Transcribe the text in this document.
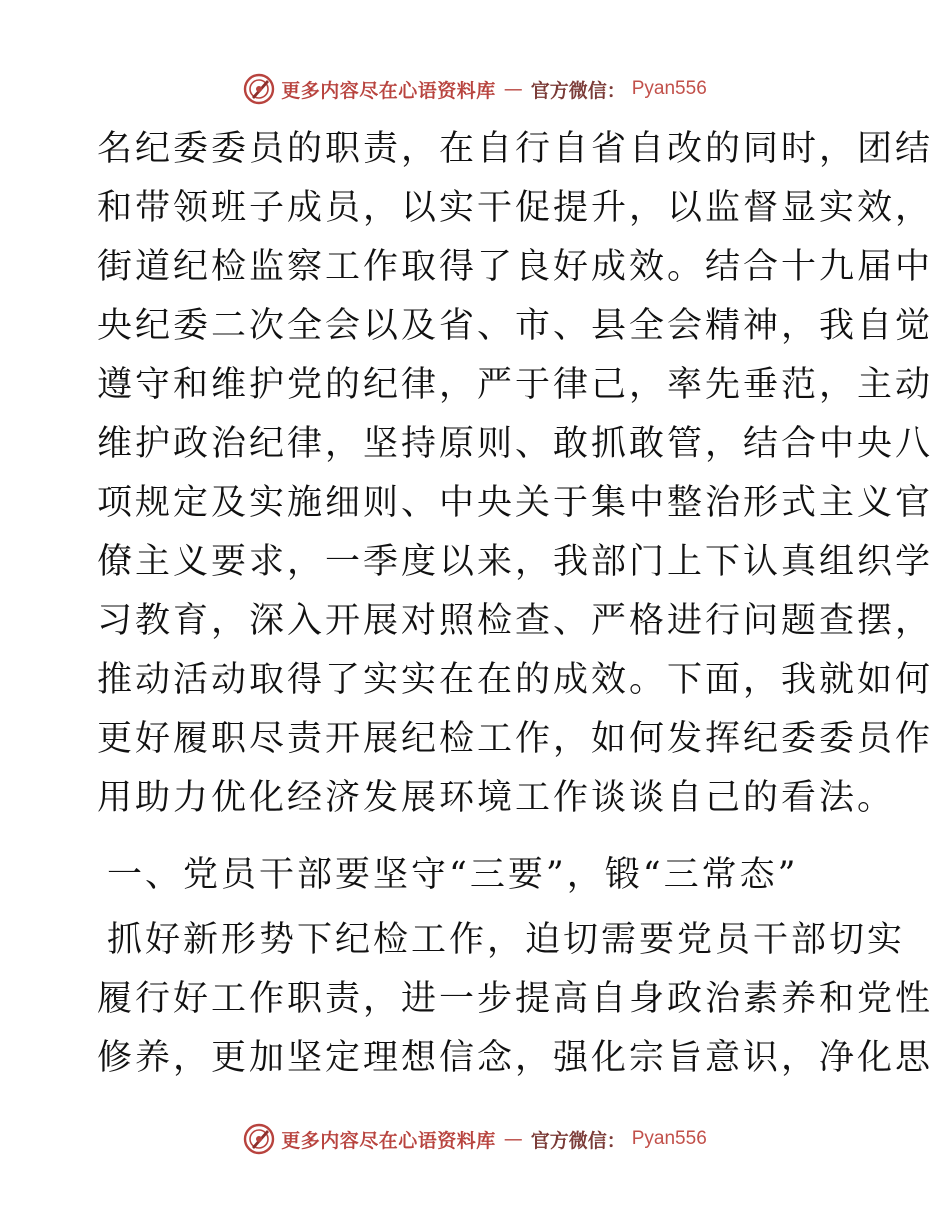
更多内容尽在心语资料库 — 官方微信： Pyan556
名纪委委员的职责，在自行自省自改的同时，团结
和带领班子成员，以实干促提升，以监督显实效，
街道纪检监察工作取得了良好成效。结合十九届中
央纪委二次全会以及省、市、县全会精神，我自觉
遵守和维护党的纪律，严于律己，率先垂范，主动
维护政治纪律，坚持原则、敢抓敢管，结合中央八
项规定及实施细则、中央关于集中整治形式主义官
僚主义要求，一季度以来，我部门上下认真组织学
习教育，深入开展对照检查、严格进行问题查摆，
推动活动取得了实实在在的成效。下面，我就如何
更好履职尽责开展纪检工作，如何发挥纪委委员作
用助力优化经济发展环境工作谈谈自己的看法。
一、党员干部要坚守“三要”，锻“三常态”
抓好新形势下纪检工作，迫切需要党员干部切实
履行好工作职责，进一步提高自身政治素养和党性
修养，更加坚定理想信念，强化宗旨意识，净化思
更多内容尽在心语资料库 — 官方微信： Pyan556
